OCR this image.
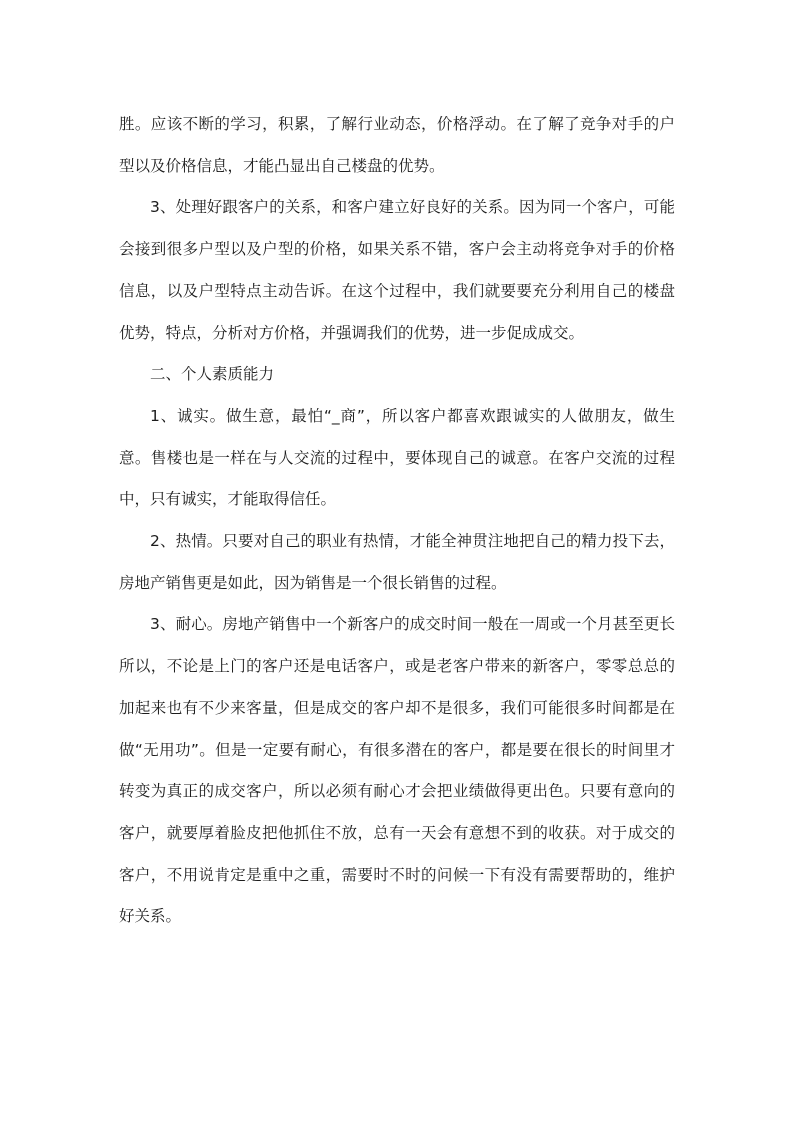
胜。应该不断的学习，积累，了解行业动态，价格浮动。在了解了竞争对手的户型以及价格信息，才能凸显出自己楼盘的优势。

3、处理好跟客户的关系，和客户建立好良好的关系。因为同一个客户，可能会接到很多户型以及户型的价格，如果关系不错，客户会主动将竞争对手的价格信息，以及户型特点主动告诉。在这个过程中，我们就要要充分利用自己的楼盘优势，特点，分析对方价格，并强调我们的优势，进一步促成成交。

二、个人素质能力

1、诚实。做生意，最怕“_商”，所以客户都喜欢跟诚实的人做朋友，做生意。售楼也是一样在与人交流的过程中，要体现自己的诚意。在客户交流的过程中，只有诚实，才能取得信任。

2、热情。只要对自己的职业有热情，才能全神贯注地把自己的精力投下去，房地产销售更是如此，因为销售是一个很长销售的过程。

3、耐心。房地产销售中一个新客户的成交时间一般在一周或一个月甚至更长所以，不论是上门的客户还是电话客户，或是老客户带来的新客户，零零总总的加起来也有不少来客量，但是成交的客户却不是很多，我们可能很多时间都是在做“无用功”。但是一定要有耐心，有很多潜在的客户，都是要在很长的时间里才转变为真正的成交客户，所以必须有耐心才会把业绩做得更出色。只要有意向的客户，就要厚着脸皮把他抓住不放，总有一天会有意想不到的收获。对于成交的客户，不用说肯定是重中之重，需要时不时的问候一下有没有需要帮助的，维护好关系。
